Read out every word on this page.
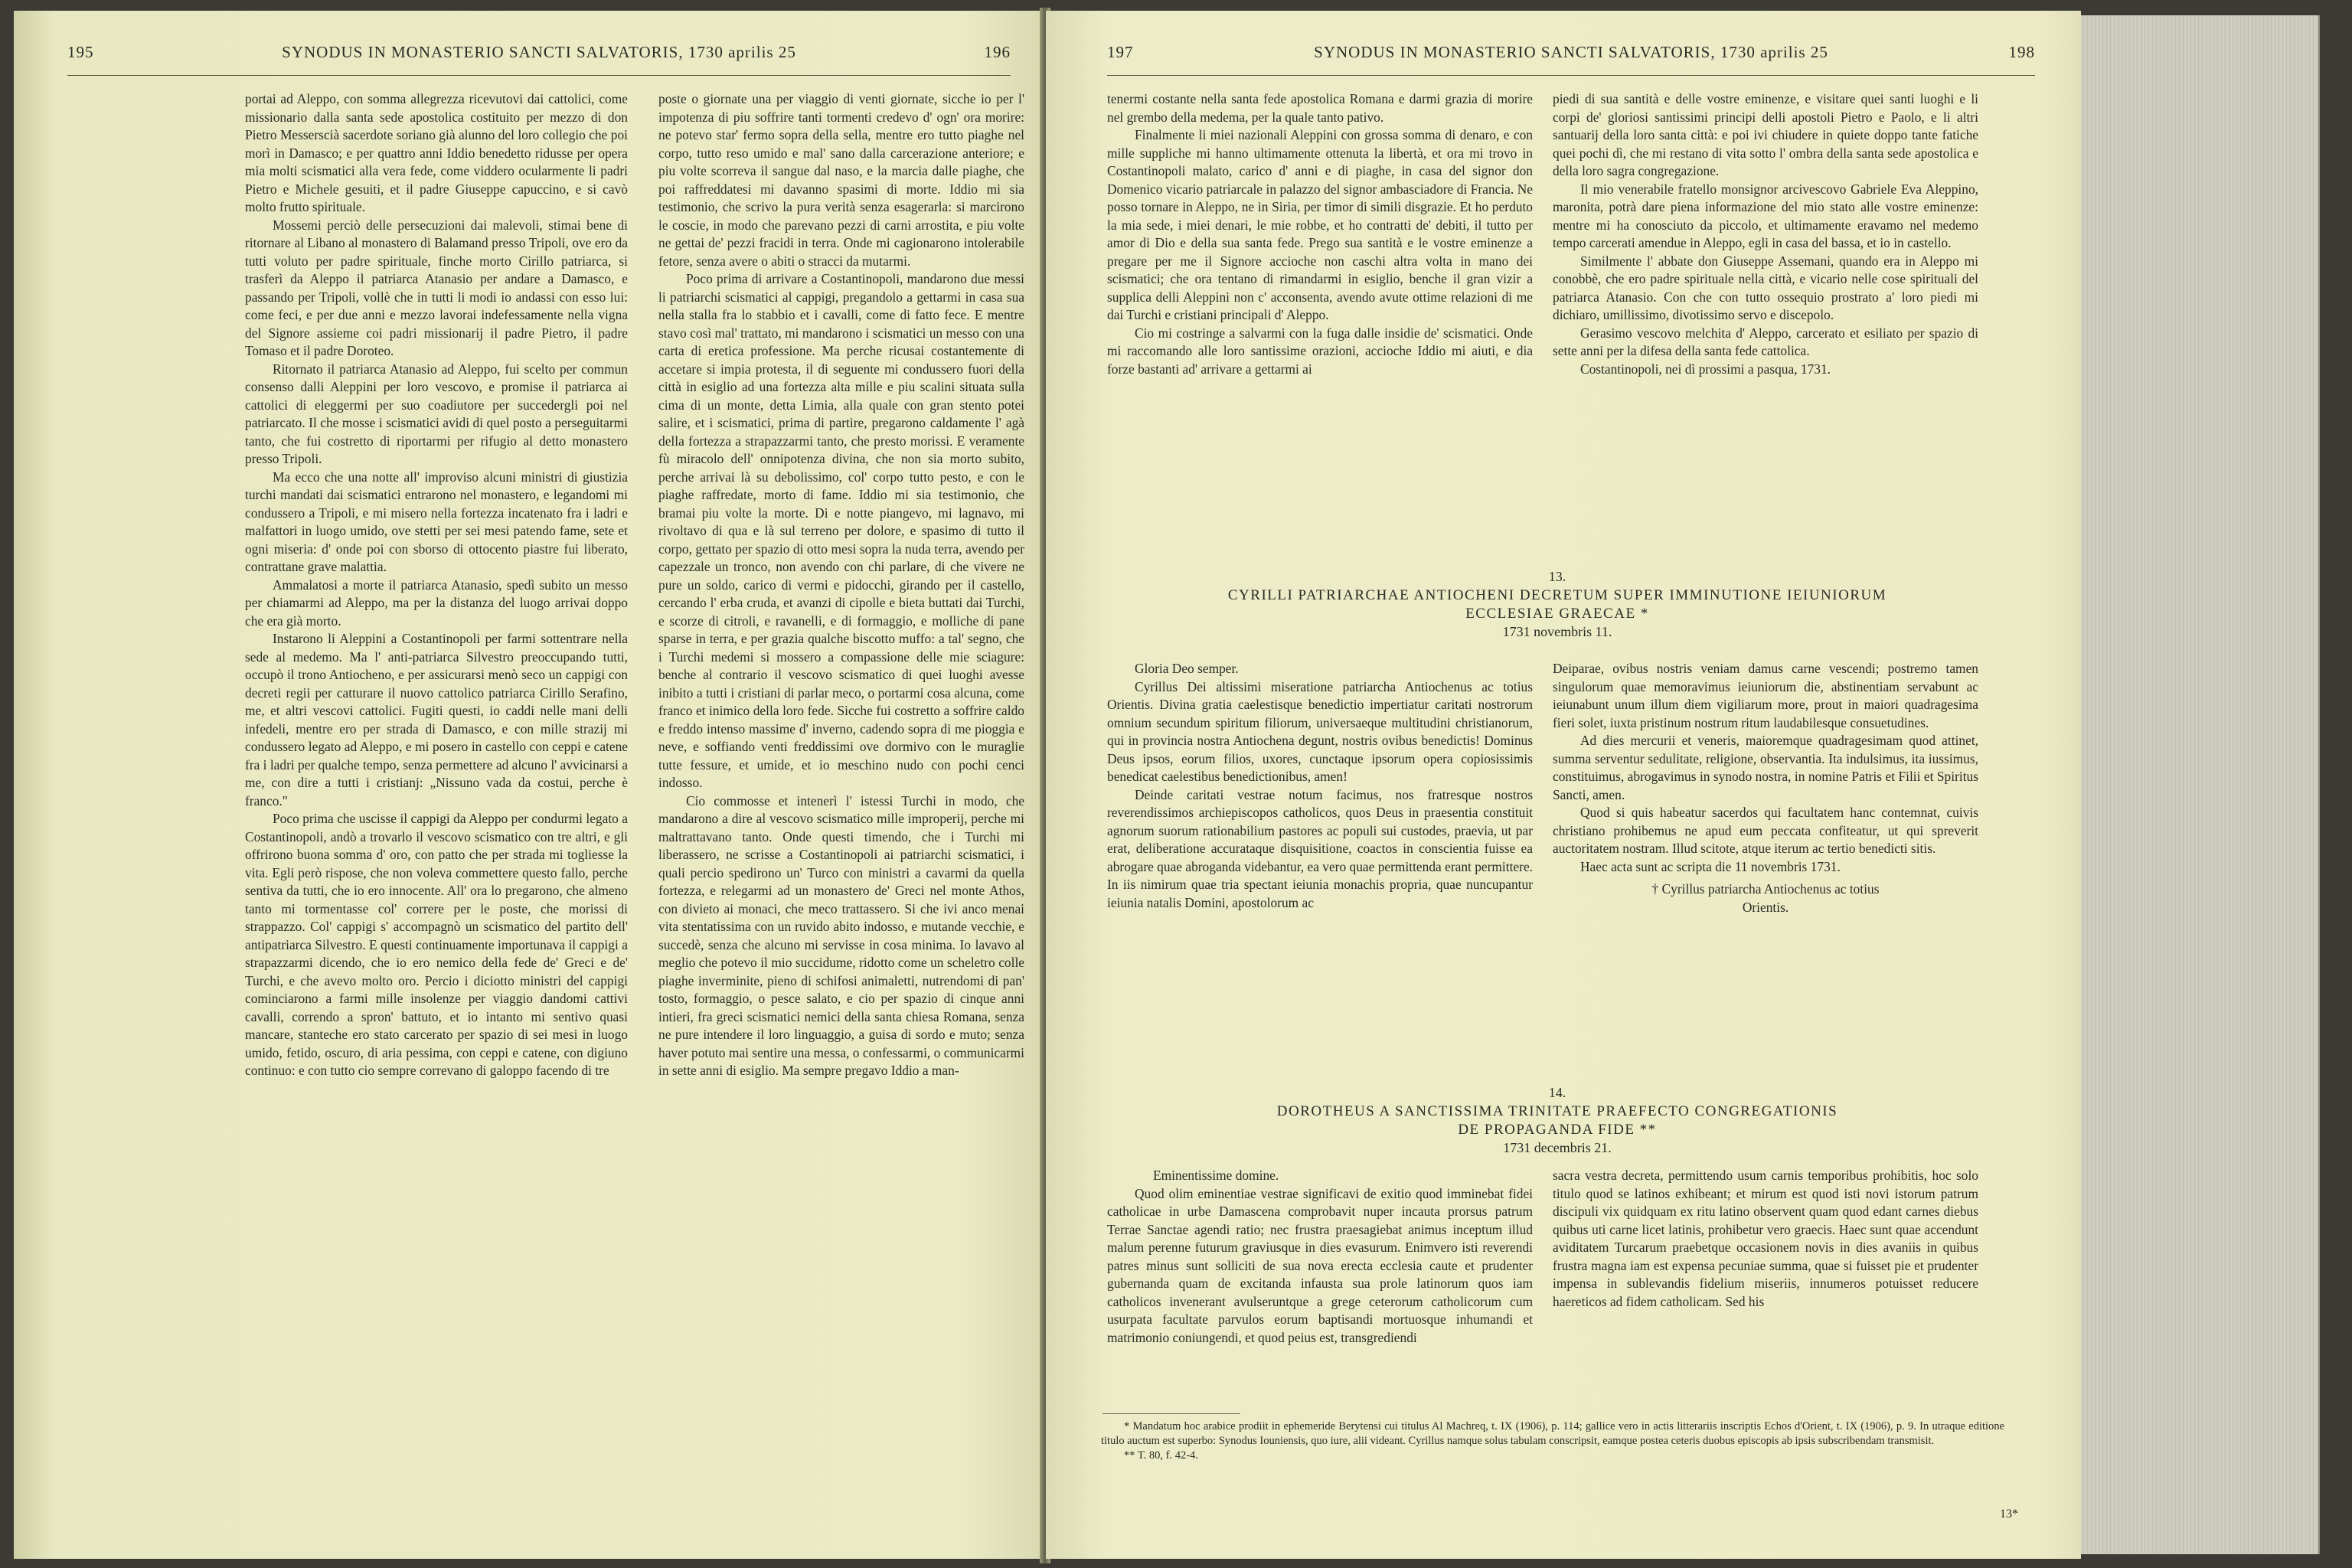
195	SYNODUS IN MONASTERIO SANCTI SALVATORIS, 1730 aprilis 25	196

portai ad Aleppo, con somma allegrezza ricevutovi dai cattolici, come missionario dalla santa sede apostolica costituito per mezzo di don Pietro Messerscià sacerdote soriano già alunno del loro collegio che poi morì in Damasco; e per quattro anni Iddio benedetto ridusse per opera mia molti scismatici alla vera fede, come viddero ocularmente li padri Pietro e Michele gesuiti, et il padre Giuseppe capuccino, e si cavò molto frutto spirituale.

Mossemi perciò delle persecuzioni dai malevoli, stimai bene di ritornare al Libano al monastero di Balamand presso Tripoli, ove ero da tutti voluto per padre spirituale, finche morto Cirillo patriarca, si trasferì da Aleppo il patriarca Atanasio per andare a Damasco, e passando per Tripoli, vollè che in tutti li modi io andassi con esso lui: come feci, e per due anni e mezzo lavorai indefessamente nella vigna del Signore assieme coi padri missionarij il padre Pietro, il padre Tomaso et il padre Doroteo.

Ritornato il patriarca Atanasio ad Aleppo, fui scelto per commun consenso dalli Aleppini per loro vescovo, e promise il patriarca ai cattolici di eleggermi per suo coadiutore per succedergli poi nel patriarcato. Il che mosse i scismatici avidi di quel posto a perseguitarmi tanto, che fui costretto di riportarmi per rifugio al detto monastero presso Tripoli.

Ma ecco che una notte all' improviso alcuni ministri di giustizia turchi mandati dai scismatici entrarono nel monastero, e legandomi mi condussero a Tripoli, e mi misero nella fortezza incatenato fra i ladri e malfattori in luogo umido, ove stetti per sei mesi patendo fame, sete et ogni miseria: d' onde poi con sborso di ottocento piastre fui liberato, contrattane grave malattia.

Ammalatosi a morte il patriarca Atanasio, spedì subito un messo per chiamarmi ad Aleppo, ma per la distanza del luogo arrivai doppo che era già morto.

Instarono li Aleppini a Costantinopoli per farmi sottentrare nella sede al medemo. Ma l' anti-patriarca Silvestro preoccupando tutti, occupò il trono Antiocheno, e per assicurarsi menò seco un cappigi con decreti regii per catturare il nuovo cattolico patriarca Cirillo Serafino, me, et altri vescovi cattolici. Fugiti questi, io caddi nelle mani delli infedeli, mentre ero per strada di Damasco, e con mille strazij mi condussero legato ad Aleppo, e mi posero in castello con ceppi e catene fra i ladri per qualche tempo, senza permettere ad alcuno l' avvicinarsi a me, con dire a tutti i cristianj: „Nissuno vada da costui, perche è franco."

Poco prima che uscisse il cappigi da Aleppo per condurmi legato a Costantinopoli, andò a trovarlo il vescovo scismatico con tre altri, e gli offrirono buona somma d' oro, con patto che per strada mi togliesse la vita. Egli però rispose, che non voleva commettere questo fallo, perche sentiva da tutti, che io ero innocente. All' ora lo pregarono, che almeno tanto mi tormentasse col' correre per le poste, che morissi di strappazzo. Col' cappigi s' accompagnò un scismatico del partito dell' antipatriarca Silvestro. E questi continuamente importunava il cappigi a strapazzarmi dicendo, che io ero nemico della fede de' Greci e de' Turchi, e che avevo molto oro. Percio i diciotto ministri del cappigi cominciarono a farmi mille insolenze per viaggio dandomi cattivi cavalli, correndo a spron' battuto, et io intanto mi sentivo quasi mancare, stanteche ero stato carcerato per spazio di sei mesi in luogo umido, fetido, oscuro, di aria pessima, con ceppi e catene, con digiuno continuo: e con tutto cio sempre correvano di galoppo facendo di tre

poste o giornate una per viaggio di venti giornate, sicche io per l' impotenza di piu soffrire tanti tormenti credevo d' ogn' ora morire: ne potevo star' fermo sopra della sella, mentre ero tutto piaghe nel corpo, tutto reso umido e mal' sano dalla carcerazione anteriore; e piu volte scorreva il sangue dal naso, e la marcia dalle piaghe, che poi raffreddatesi mi davanno spasimi di morte. Iddio mi sia testimonio, che scrivo la pura verità senza esagerarla: si marcirono le coscie, in modo che parevano pezzi di carni arrostita, e piu volte ne gettai de' pezzi fracidi in terra. Onde mi cagionarono intolerabile fetore, senza avere o abiti o stracci da mutarmi.

Poco prima di arrivare a Costantinopoli, mandarono due messi li patriarchi scismatici al cappigi, pregandolo a gettarmi in casa sua nella stalla fra lo stabbio et i cavalli, come di fatto fece. E mentre stavo così mal' trattato, mi mandarono i scismatici un messo con una carta di eretica professione. Ma perche ricusai costantemente di accetare si impia protesta, il di seguente mi condussero fuori della città in esiglio ad una fortezza alta mille e piu scalini situata sulla cima di un monte, detta Limia, alla quale con gran stento potei salire, et i scismatici, prima di partire, pregarono caldamente l' agà della fortezza a strapazzarmi tanto, che presto morissi. E veramente fù miracolo dell' onnipotenza divina, che non sia morto subito, perche arrivai là su debolissimo, col' corpo tutto pesto, e con le piaghe raffredate, morto di fame. Iddio mi sia testimonio, che bramai piu volte la morte. Di e notte piangevo, mi lagnavo, mi rivoltavo di qua e là sul terreno per dolore, e spasimo di tutto il corpo, gettato per spazio di otto mesi sopra la nuda terra, avendo per capezzale un tronco, non avendo con chi parlare, di che vivere ne pure un soldo, carico di vermi e pidocchi, girando per il castello, cercando l' erba cruda, et avanzi di cipolle e bieta buttati dai Turchi, e scorze di citroli, e ravanelli, e di formaggio, e molliche di pane sparse in terra, e per grazia qualche biscotto muffo: a tal' segno, che i Turchi medemi si mossero a compassione delle mie sciagure: benche al contrario il vescovo scismatico di quei luoghi avesse inibito a tutti i cristiani di parlar meco, o portarmi cosa alcuna, come franco et inimico della loro fede. Sicche fui costretto a soffrire caldo e freddo intenso massime d' inverno, cadendo sopra di me pioggia e neve, e soffiando venti freddissimi ove dormivo con le muraglie tutte fessure, et umide, et io meschino nudo con pochi cenci indosso.

Cio commosse et intenerì l' istessi Turchi in modo, che mandarono a dire al vescovo scismatico mille improperij, perche mi maltrattavano tanto. Onde questi timendo, che i Turchi mi liberassero, ne scrisse a Costantinopoli ai patriarchi scismatici, i quali percio spedirono un' Turco con ministri a cavarmi da quella fortezza, e relegarmi ad un monastero de' Greci nel monte Athos, con divieto ai monaci, che meco trattassero. Si che ivi anco menai vita stentatissima con un ruvido abito indosso, e mutande vecchie, e succedè, senza che alcuno mi servisse in cosa minima. Io lavavo al meglio che potevo il mio succidume, ridotto come un scheletro colle piaghe inverminite, pieno di schifosi animaletti, nutrendomi di pan' tosto, formaggio, o pesce salato, e cio per spazio di cinque anni intieri, fra greci scismatici nemici della santa chiesa Romana, senza ne pure intendere il loro linguaggio, a guisa di sordo e muto; senza haver potuto mai sentire una messa, o confessarmi, o communicarmi in sette anni di esiglio. Ma sempre pregavo Iddio a man-

197	SYNODUS IN MONASTERIO SANCTI SALVATORIS, 1730 aprilis 25	198

tenermi costante nella santa fede apostolica Romana e darmi grazia di morire nel grembo della medema, per la quale tanto pativo.

Finalmente li miei nazionali Aleppini con grossa somma di denaro, e con mille suppliche mi hanno ultimamente ottenuta la libertà, et ora mi trovo in Costantinopoli malato, carico d' anni e di piaghe, in casa del signor don Domenico vicario patriarcale in palazzo del signor ambasciadore di Francia. Ne posso tornare in Aleppo, ne in Siria, per timor di simili disgrazie. Et ho perduto la mia sede, i miei denari, le mie robbe, et ho contratti de' debiti, il tutto per amor di Dio e della sua santa fede. Prego sua santità e le vostre eminenze a pregare per me il Signore accioche non caschi altra volta in mano dei scismatici; che ora tentano di rimandarmi in esiglio, benche il gran vizir a supplica delli Aleppini non c' acconsenta, avendo avute ottime relazioni di me dai Turchi e cristiani principali d' Aleppo.

Cio mi costringe a salvarmi con la fuga dalle insidie de' scismatici. Onde mi raccomando alle loro santissime orazioni, accioche Iddio mi aiuti, e dia forze bastanti ad' arrivare a gettarmi ai

piedi di sua santità e delle vostre eminenze, e visitare quei santi luoghi e li corpi de' gloriosi santissimi principi delli apostoli Pietro e Paolo, e li altri santuarij della loro santa città: e poi ivi chiudere in quiete doppo tante fatiche quei pochi dì, che mi restano di vita sotto l' ombra della santa sede apostolica e della loro sagra congregazione.

Il mio venerabile fratello monsignor arcivescovo Gabriele Eva Aleppino, maronita, potrà dare piena informazione del mio stato alle vostre eminenze: mentre mi ha conosciuto da piccolo, et ultimamente eravamo nel medemo tempo carcerati amendue in Aleppo, egli in casa del bassa, et io in castello.

Similmente l' abbate don Giuseppe Assemani, quando era in Aleppo mi conobbè, che ero padre spirituale nella città, e vicario nelle cose spirituali del patriarca Atanasio. Con che con tutto ossequio prostrato a' loro piedi mi dichiaro, umillissimo, divotissimo servo e discepolo.

Gerasimo vescovo melchita d' Aleppo, carcerato et esiliato per spazio di sette anni per la difesa della santa fede cattolica.

Costantinopoli, nei dì prossimi a pasqua, 1731.

13.

CYRILLI PATRIARCHAE ANTIOCHENI DECRETUM SUPER IMMINUTIONE IEIUNIORUM

ECCLESIAE GRAECAE *

1731 novembris 11.

Gloria Deo semper.

Cyrillus Dei altissimi miseratione patriarcha Antiochenus ac totius Orientis. Divina gratia caelestisque benedictio impertiatur caritati nostrorum omnium secundum spiritum filiorum, universaeque multitudini christianorum, qui in provincia nostra Antiochena degunt, nostris ovibus benedictis! Dominus Deus ipsos, eorum filios, uxores, cunctaque ipsorum opera copiosissimis benedicat caelestibus benedictionibus, amen!

Deinde caritati vestrae notum facimus, nos fratresque nostros reverendissimos archiepiscopos catholicos, quos Deus in praesentia constituit agnorum suorum rationabilium pastores ac populi sui custodes, praevia, ut par erat, deliberatione accurataque disquisitione, coactos in conscientia fuisse ea abrogare quae abroganda videbantur, ea vero quae permittenda erant permittere. In iis nimirum quae tria spectant ieiunia monachis propria, quae nuncupantur ieiunia natalis Domini, apostolorum ac

Deiparae, ovibus nostris veniam damus carne vescendi; postremo tamen singulorum quae memoravimus ieiuniorum die, abstinentiam servabunt ac ieiunabunt unum illum diem vigiliarum more, prout in maiori quadragesima fieri solet, iuxta pristinum nostrum ritum laudabilesque consuetudines.

Ad dies mercurii et veneris, maioremque quadragesimam quod attinet, summa serventur sedulitate, religione, observantia. Ita indulsimus, ita iussimus, constituimus, abrogavimus in synodo nostra, in nomine Patris et Filii et Spiritus Sancti, amen.

Quod si quis habeatur sacerdos qui facultatem hanc contemnat, cuivis christiano prohibemus ne apud eum peccata confiteatur, ut qui spreverit auctoritatem nostram. Illud scitote, atque iterum ac tertio benedicti sitis.

Haec acta sunt ac scripta die 11 novembris 1731.

† Cyrillus patriarcha Antiochenus ac totius

Orientis.

14.

DOROTHEUS A SANCTISSIMA TRINITATE PRAEFECTO CONGREGATIONIS

DE PROPAGANDA FIDE **

1731 decembris 21.

Eminentissime domine.

Quod olim eminentiae vestrae significavi de exitio quod imminebat fidei catholicae in urbe Damascena comprobavit nuper incauta prorsus patrum Terrae Sanctae agendi ratio; nec frustra praesagiebat animus inceptum illud malum perenne futurum graviusque in dies evasurum. Enimvero isti reverendi patres minus sunt solliciti de sua nova erecta ecclesia caute et prudenter gubernanda quam de excitanda infausta sua prole latinorum quos iam catholicos invenerant avulseruntque a grege ceterorum catholicorum cum usurpata facultate parvulos eorum baptisandi mortuosque inhumandi et matrimonio coniungendi, et quod peius est, transgrediendi

sacra vestra decreta, permittendo usum carnis temporibus prohibitis, hoc solo titulo quod se latinos exhibeant; et mirum est quod isti novi istorum patrum discipuli vix quidquam ex ritu latino observent quam quod edant carnes diebus quibus uti carne licet latinis, prohibetur vero graecis. Haec sunt quae accendunt aviditatem Turcarum praebetque occasionem novis in dies avaniis in quibus frustra magna iam est expensa pecuniae summa, quae si fuisset pie et prudenter impensa in sublevandis fidelium miseriis, innumeros potuisset reducere haereticos ad fidem catholicam. Sed his

* Mandatum hoc arabice prodiit in ephemeride Berytensi cui titulus Al Machreq, t. IX (1906), p. 114; gallice vero in actis litterariis inscriptis Echos d'Orient, t. IX (1906), p. 9. In utraque editione titulo auctum est superbo: Synodus Iouniensis, quo iure, alii videant. Cyrillus namque solus tabulam conscripsit, eamque postea ceteris duobus episcopis ab ipsis subscribendam transmisit.

** T. 80, f. 42-4.

13*
